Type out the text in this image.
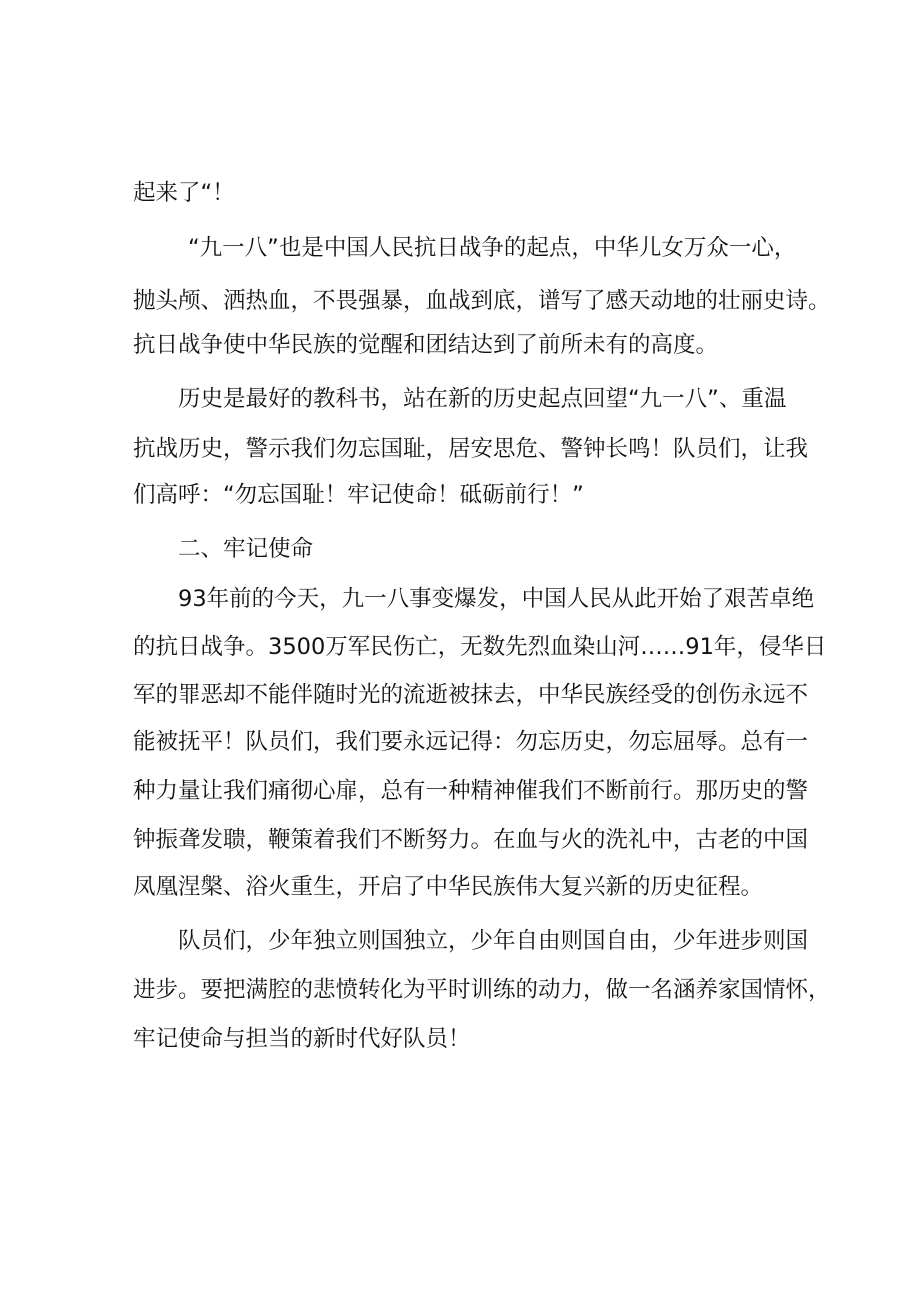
起来了“！
“九一八”也是中国人民抗日战争的起点，中华儿女万众一心，
抛头颅、洒热血，不畏强暴，血战到底，谱写了感天动地的壮丽史诗。
抗日战争使中华民族的觉醒和团结达到了前所未有的高度。
历史是最好的教科书，站在新的历史起点回望“九一八”、重温
抗战历史，警示我们勿忘国耻，居安思危、警钟长鸣！队员们，让我
们高呼：“勿忘国耻！牢记使命！砥砺前行！”
二、牢记使命
93年前的今天，九一八事变爆发，中国人民从此开始了艰苦卓绝
的抗日战争。3500万军民伤亡，无数先烈血染山河……91年，侵华日
军的罪恶却不能伴随时光的流逝被抹去，中华民族经受的创伤永远不
能被抚平！队员们，我们要永远记得：勿忘历史，勿忘屈辱。总有一
种力量让我们痛彻心扉，总有一种精神催我们不断前行。那历史的警
钟振聋发聩，鞭策着我们不断努力。在血与火的洗礼中，古老的中国
凤凰涅槃、浴火重生，开启了中华民族伟大复兴新的历史征程。
队员们，少年独立则国独立，少年自由则国自由，少年进步则国
进步。要把满腔的悲愤转化为平时训练的动力，做一名涵养家国情怀，
牢记使命与担当的新时代好队员！
